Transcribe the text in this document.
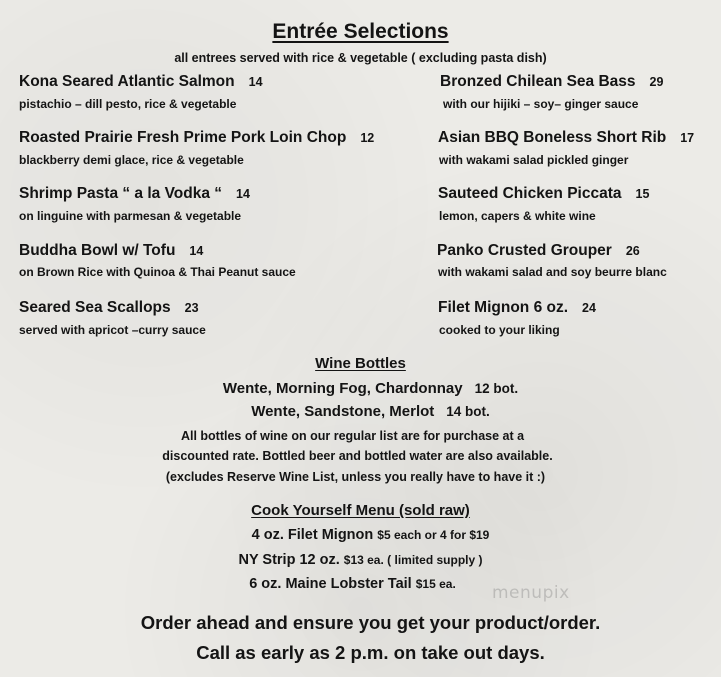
Entrée Selections
all entrees served with rice & vegetable ( excluding pasta dish)
Kona Seared Atlantic Salmon 14
pistachio – dill pesto, rice & vegetable
Roasted Prairie Fresh Prime Pork Loin Chop 12
blackberry demi glace, rice & vegetable
Shrimp Pasta “ a la Vodka “ 14
on linguine with parmesan & vegetable
Buddha Bowl w/ Tofu 14
on Brown Rice with Quinoa & Thai Peanut sauce
Seared Sea Scallops 23
served with apricot –curry sauce
Bronzed Chilean Sea Bass 29
with our hijiki – soy– ginger sauce
Asian BBQ Boneless Short Rib 17
with wakami salad pickled ginger
Sauteed Chicken Piccata 15
lemon, capers & white wine
Panko Crusted Grouper 26
with wakami salad and soy beurre blanc
Filet Mignon 6 oz. 24
cooked to your liking
Wine Bottles
Wente, Morning Fog, Chardonnay 12 bot.
Wente, Sandstone, Merlot 14 bot.
All bottles of wine on our regular list are for purchase at a
discounted rate. Bottled beer and bottled water are also available.
(excludes Reserve Wine List, unless you really have to have it :)
Cook Yourself Menu (sold raw)
4 oz. Filet Mignon $5 each or 4 for $19
NY Strip 12 oz. $13 ea. ( limited supply )
6 oz. Maine Lobster Tail $15 ea.	menupix
Order ahead and ensure you get your product/order.
Call as early as 2 p.m. on take out days.
